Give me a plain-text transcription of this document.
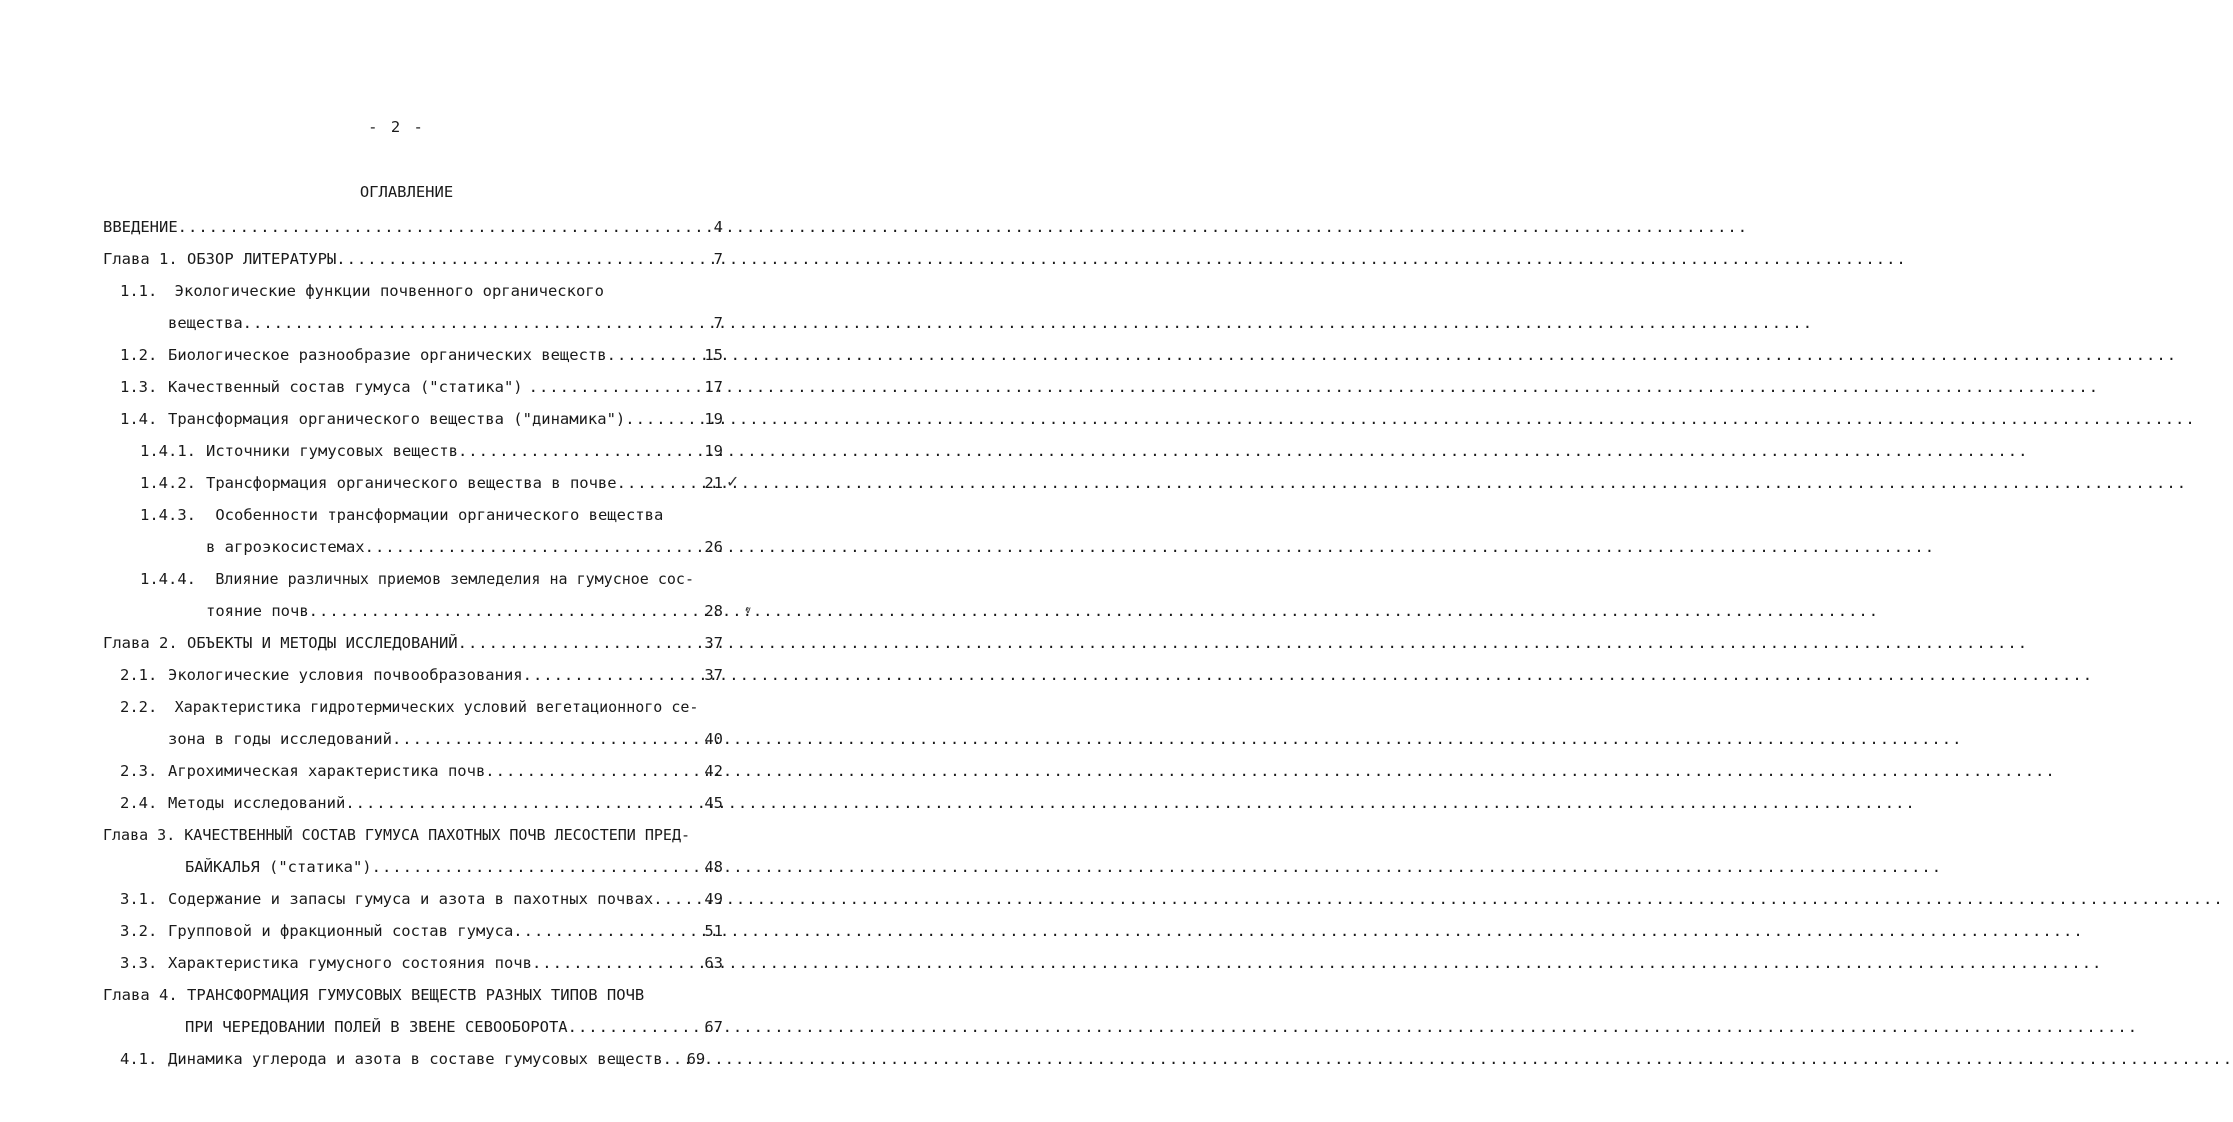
- 2 -
ОГЛАВЛЕНИЕ
ВВЕДЕНИЕ .....	4
Глава 1. ОБЗОР ЛИТЕРАТУРЫ .....	7
1.1. Экологические функции почвенного органического
вещества .....	7
1.2. Биологическое разнообразие органических веществ .....	15
1.3. Качественный состав гумуса ("статика") .....	17
1.4. Трансформация органического вещества ("динамика") .....	19
1.4.1. Источники гумусовых веществ .....	19
1.4.2. Трансформация органического вещества в почве .....	21 ✓
1.4.3. Особенности трансформации органического вещества
в агроэкосистемах .....	26
1.4.4. Влияние различных приемов земледелия на гумусное сос-
тояние почв .....	28 ⱴ
Глава 2. ОБЪЕКТЫ И МЕТОДЫ ИССЛЕДОВАНИЙ .....	37
2.1. Экологические условия почвообразования .....	37
2.2. Характеристика гидротермических условий вегетационного се-
зона в годы исследований .....	40
2.3. Агрохимическая характеристика почв .....	42
2.4. Методы исследований .....	45
Глава 3. КАЧЕСТВЕННЫЙ СОСТАВ ГУМУСА ПАХОТНЫХ ПОЧВ ЛЕСОСТЕПИ ПРЕД-
БАЙКАЛЬЯ ("статика") .....	48
3.1. Содержание и запасы гумуса и азота в пахотных почвах .....	49
3.2. Групповой и фракционный состав гумуса .....	51
3.3. Характеристика гумусного состояния почв .....	63
Глава 4. ТРАНСФОРМАЦИЯ ГУМУСОВЫХ ВЕЩЕСТВ РАЗНЫХ ТИПОВ ПОЧВ
ПРИ ЧЕРЕДОВАНИИ ПОЛЕЙ В ЗВЕНЕ СЕВООБОРОТА .....	67
4.1. Динамика углерода и азота в составе гумусовых веществ ..... 69
